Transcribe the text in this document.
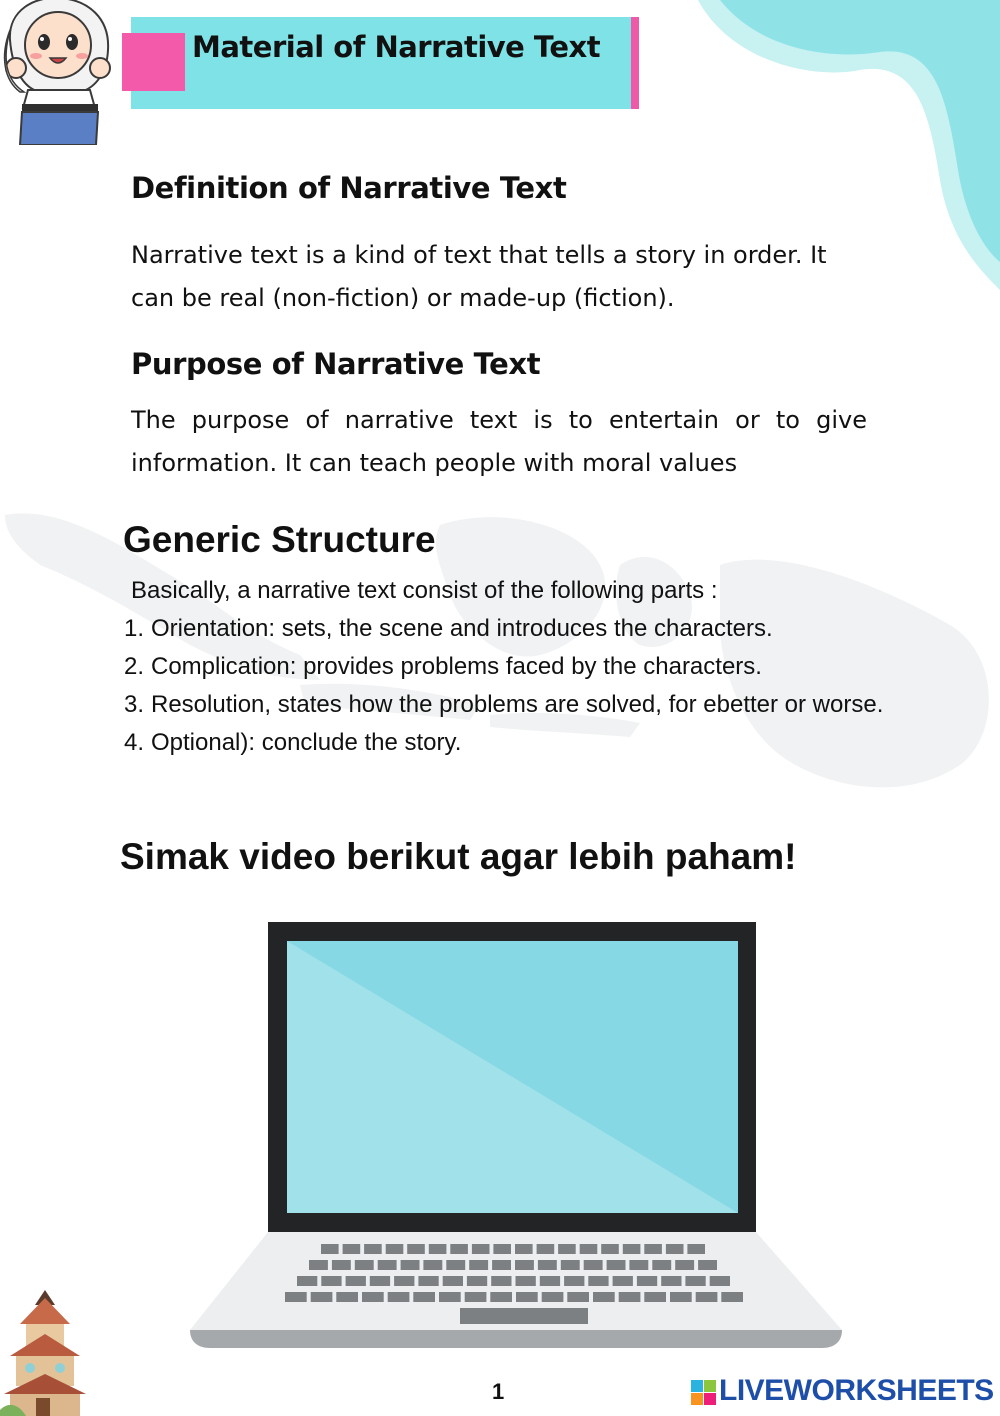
Material of Narrative Text
Definition of Narrative Text
Narrative text is a kind of text that tells a story in order. It
can be real (non-fiction) or made-up (fiction).
Purpose of Narrative Text
The purpose of narrative text is to entertain or to give
information. It can teach people with moral values
Generic Structure
Basically, a narrative text consist of the following parts :
1. Orientation: sets, the scene and introduces the characters.
2. Complication: provides problems faced by the characters.
3. Resolution, states how the problems are solved, for ebetter or worse.
4. Optional): conclude the story.
Simak video berikut agar lebih paham!
1	LIVEWORKSHEETS
